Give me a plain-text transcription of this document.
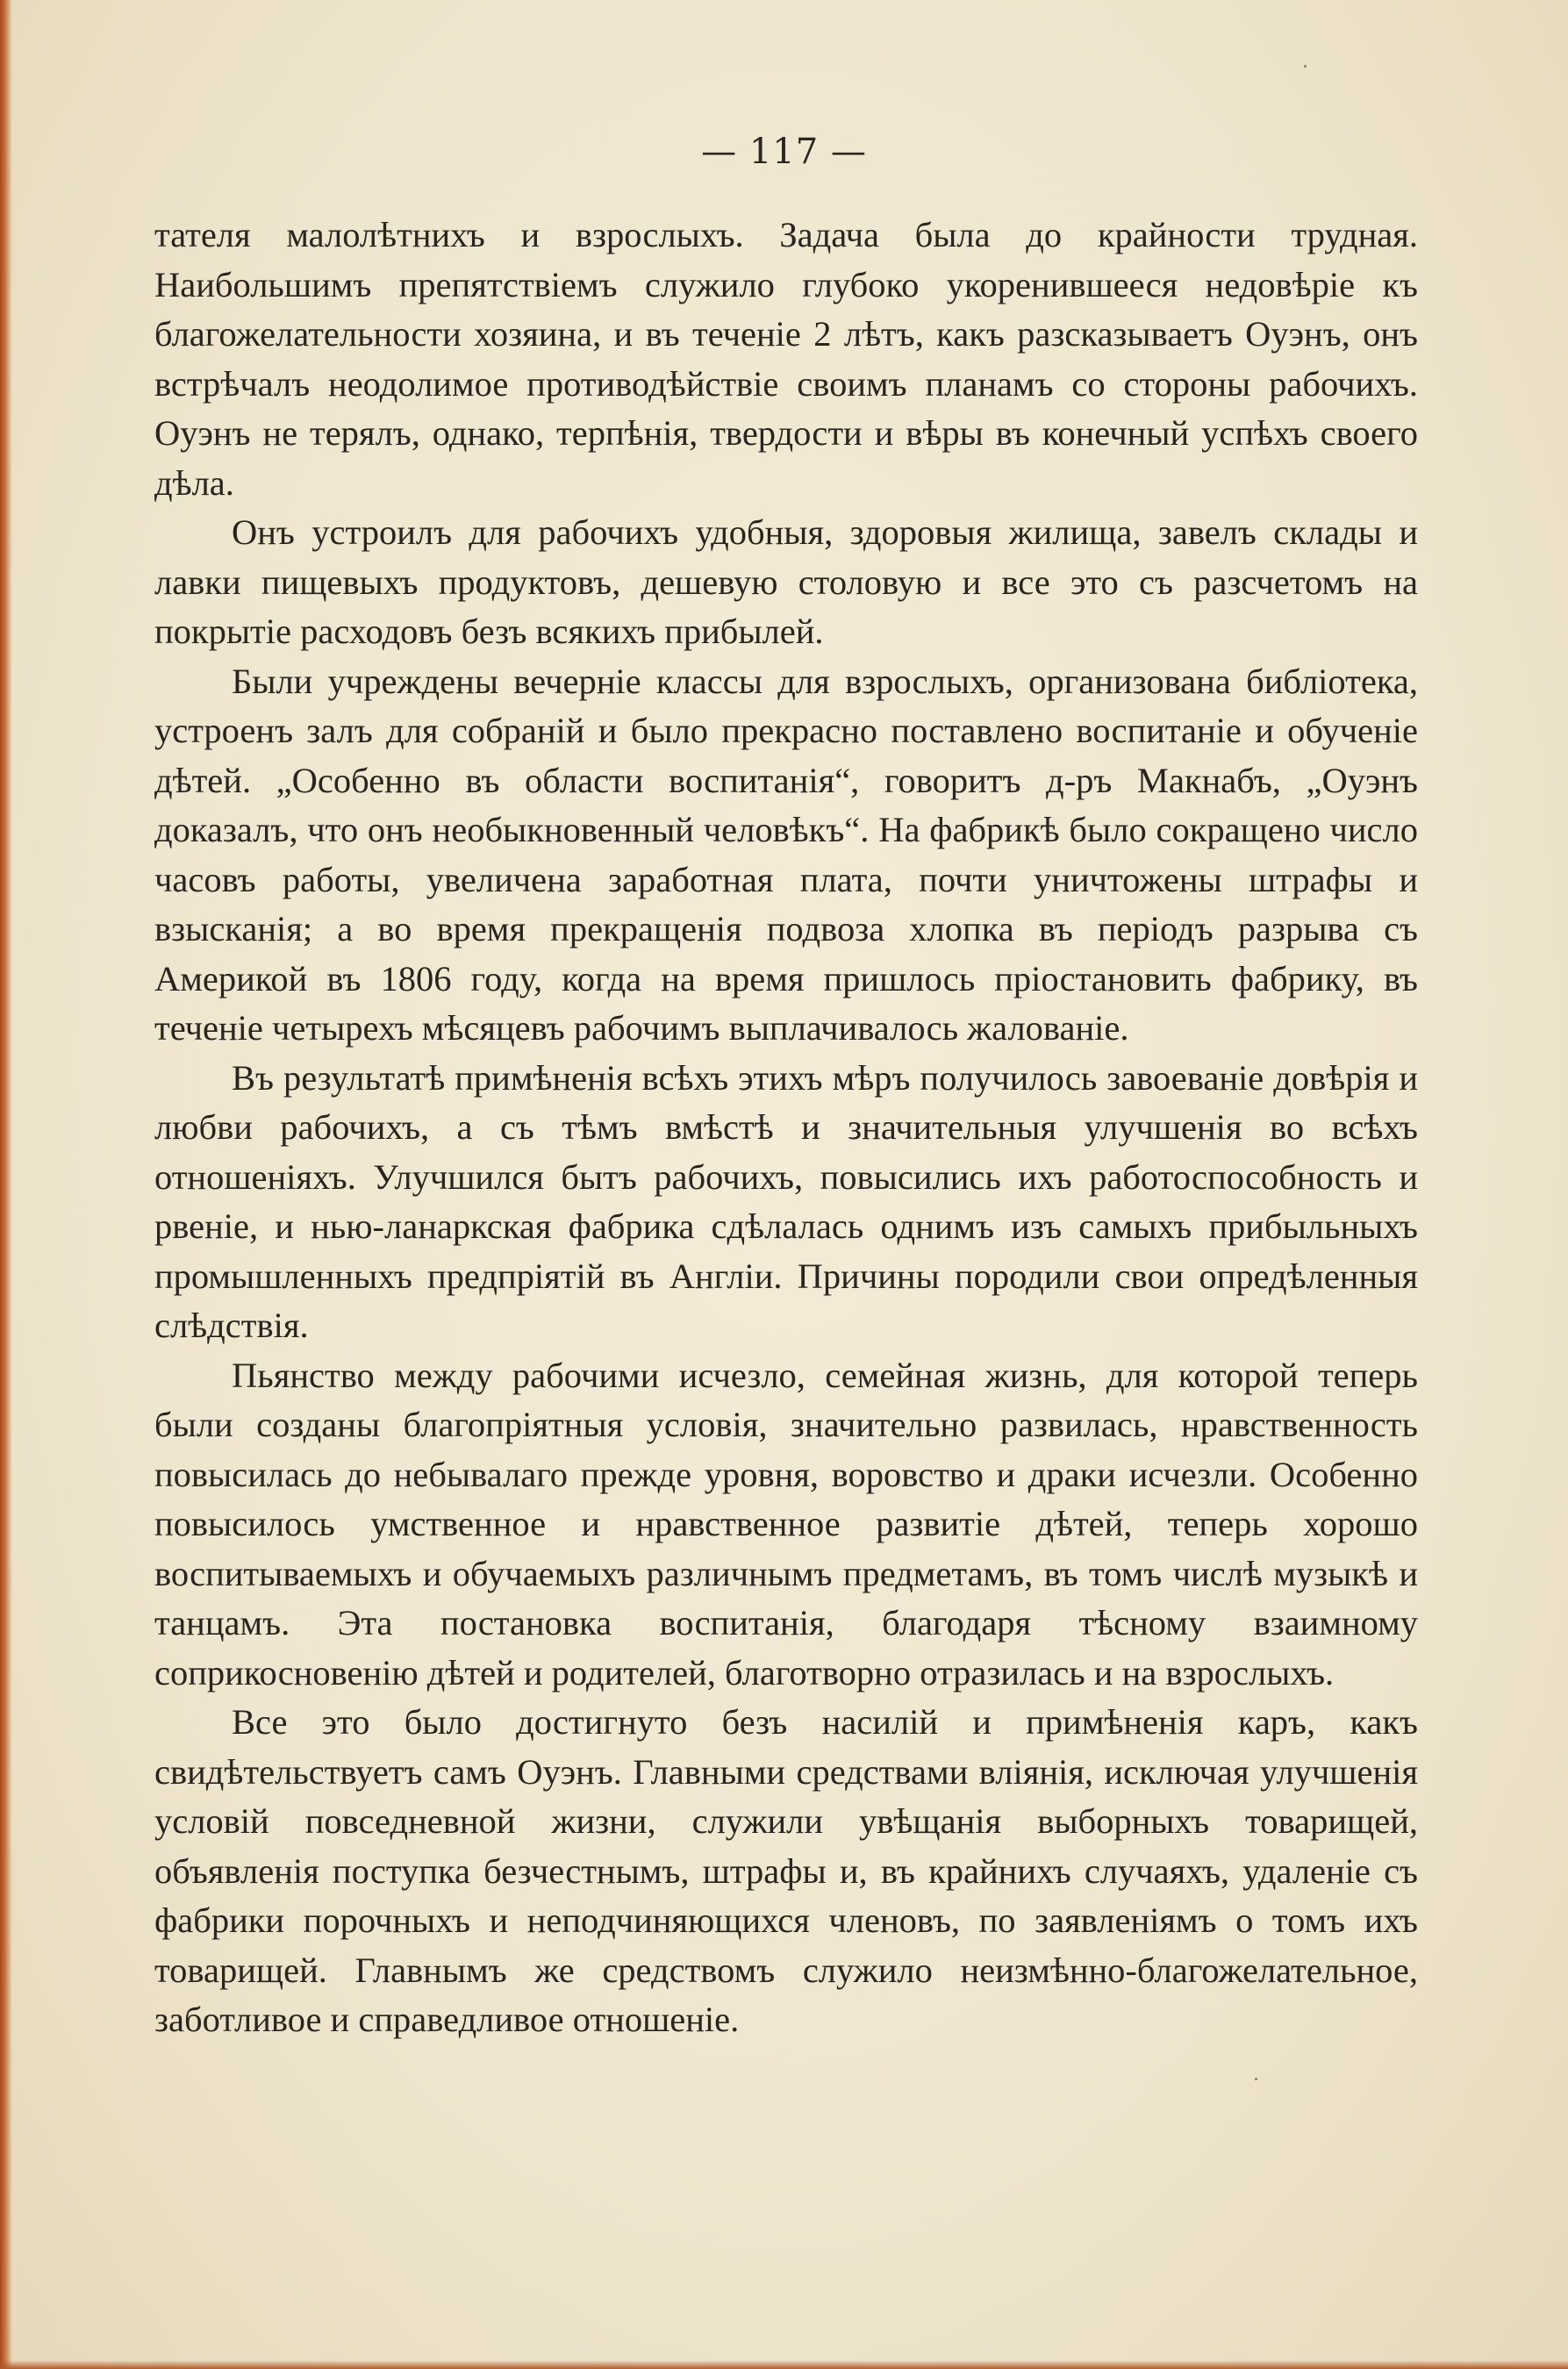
— 117 —

тателя малолѣтнихъ и взрослыхъ. Задача была до крайности трудная. Наибольшимъ препятствіемъ служило глубоко укоренившееся недовѣріе къ благожелательности хозяина, и въ теченіе 2 лѣтъ, какъ разсказываетъ Оуэнъ, онъ встрѣчалъ неодолимое противодѣйствіе своимъ планамъ со стороны рабочихъ. Оуэнъ не терялъ, однако, терпѣнія, твердости и вѣры въ конечный успѣхъ своего дѣла.

Онъ устроилъ для рабочихъ удобныя, здоровыя жилища, завелъ склады и лавки пищевыхъ продуктовъ, дешевую столовую и все это съ разсчетомъ на покрытіе расходовъ безъ всякихъ прибылей.

Были учреждены вечерніе классы для взрослыхъ, организована библіотека, устроенъ залъ для собраній и было прекрасно поставлено воспитаніе и обученіе дѣтей. „Особенно въ области воспитанія“, говоритъ д-ръ Макнабъ, „Оуэнъ доказалъ, что онъ необыкновенный человѣкъ“. На фабрикѣ было сокращено число часовъ работы, увеличена заработная плата, почти уничтожены штрафы и взысканія; а во время прекращенія подвоза хлопка въ періодъ разрыва съ Америкой въ 1806 году, когда на время пришлось пріостановить фабрику, въ теченіе четырехъ мѣсяцевъ рабочимъ выплачивалось жалованіе.

Въ результатѣ примѣненія всѣхъ этихъ мѣръ получилось завоеваніе довѣрія и любви рабочихъ, а съ тѣмъ вмѣстѣ и значительныя улучшенія во всѣхъ отношеніяхъ. Улучшился бытъ рабочихъ, повысились ихъ работоспособность и рвеніе, и нью-ланаркская фабрика сдѣлалась однимъ изъ самыхъ прибыльныхъ промышленныхъ предпріятій въ Англіи. Причины породили свои опредѣленныя слѣдствія.

Пьянство между рабочими исчезло, семейная жизнь, для которой теперь были созданы благопріятныя условія, значительно развилась, нравственность повысилась до небывалаго прежде уровня, воровство и драки исчезли. Особенно повысилось умственное и нравственное развитіе дѣтей, теперь хорошо воспитываемыхъ и обучаемыхъ различнымъ предметамъ, въ томъ числѣ музыкѣ и танцамъ. Эта постановка воспитанія, благодаря тѣсному взаимному соприкосновенію дѣтей и родителей, благотворно отразилась и на взрослыхъ.

Все это было достигнуто безъ насилій и примѣненія каръ, какъ свидѣтельствуетъ самъ Оуэнъ. Главными средствами вліянія, исключая улучшенія условій повседневной жизни, служили увѣщанія выборныхъ товарищей, объявленія поступка безчестнымъ, штрафы и, въ крайнихъ случаяхъ, удаленіе съ фабрики порочныхъ и неподчиняющихся членовъ, по заявленіямъ о томъ ихъ товарищей. Главнымъ же средствомъ служило неизмѣнно-благожелательное, заботливое и справедливое отношеніе.
